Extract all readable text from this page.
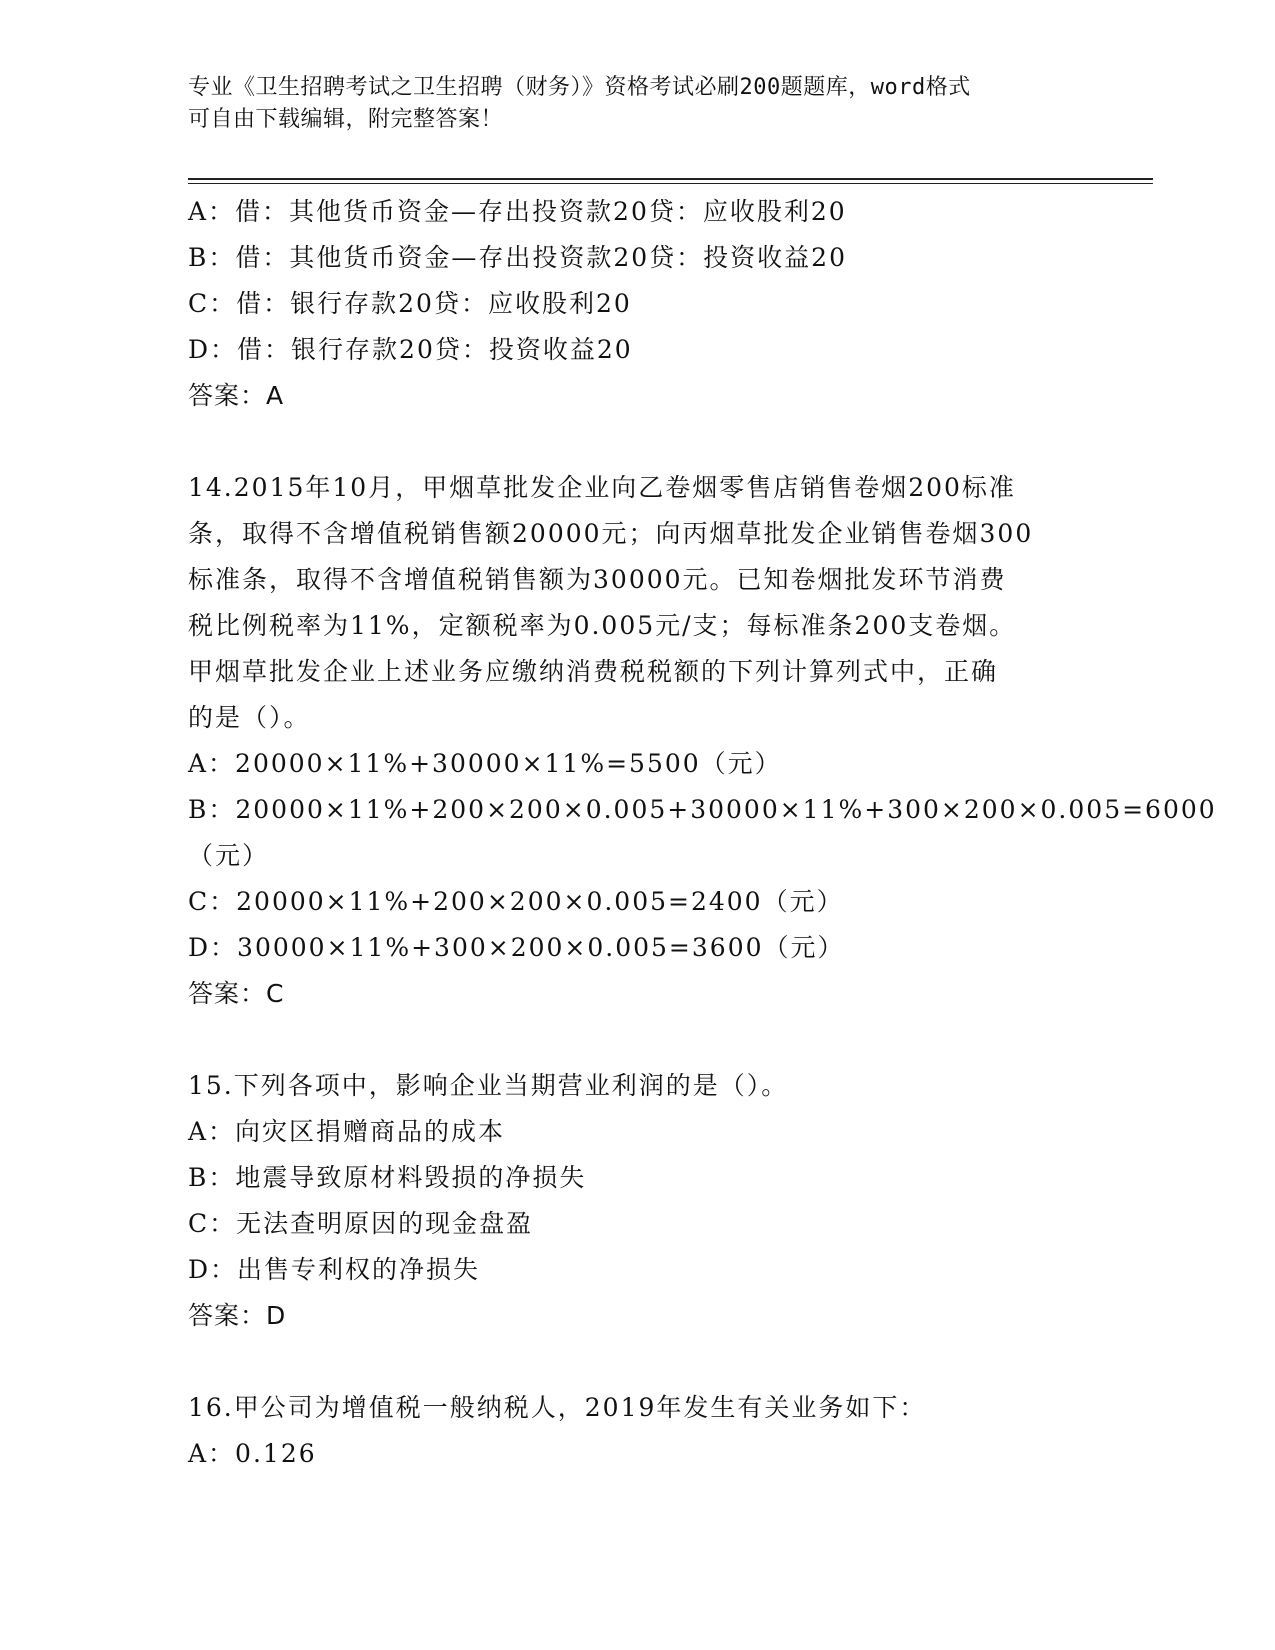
专业《卫生招聘考试之卫生招聘（财务）》资格考试必刷200题题库，word格式
可自由下载编辑，附完整答案！
A：借：其他货币资金—存出投资款20贷：应收股利20
B：借：其他货币资金—存出投资款20贷：投资收益20
C：借：银行存款20贷：应收股利20
D：借：银行存款20贷：投资收益20
答案：A
14.2015年10月，甲烟草批发企业向乙卷烟零售店销售卷烟200标准
条，取得不含增值税销售额20000元；向丙烟草批发企业销售卷烟300
标准条，取得不含增值税销售额为30000元。已知卷烟批发环节消费
税比例税率为11%，定额税率为0.005元/支；每标准条200支卷烟。
甲烟草批发企业上述业务应缴纳消费税税额的下列计算列式中，正确
的是（）。
A：20000×11%+30000×11%=5500（元）
B：20000×11%+200×200×0.005+30000×11%+300×200×0.005=6000
（元）
C：20000×11%+200×200×0.005=2400（元）
D：30000×11%+300×200×0.005=3600（元）
答案：C
15.下列各项中，影响企业当期营业利润的是（）。
A：向灾区捐赠商品的成本
B：地震导致原材料毁损的净损失
C：无法查明原因的现金盘盈
D：出售专利权的净损失
答案：D
16.甲公司为增值税一般纳税人，2019年发生有关业务如下：
A：0.126
